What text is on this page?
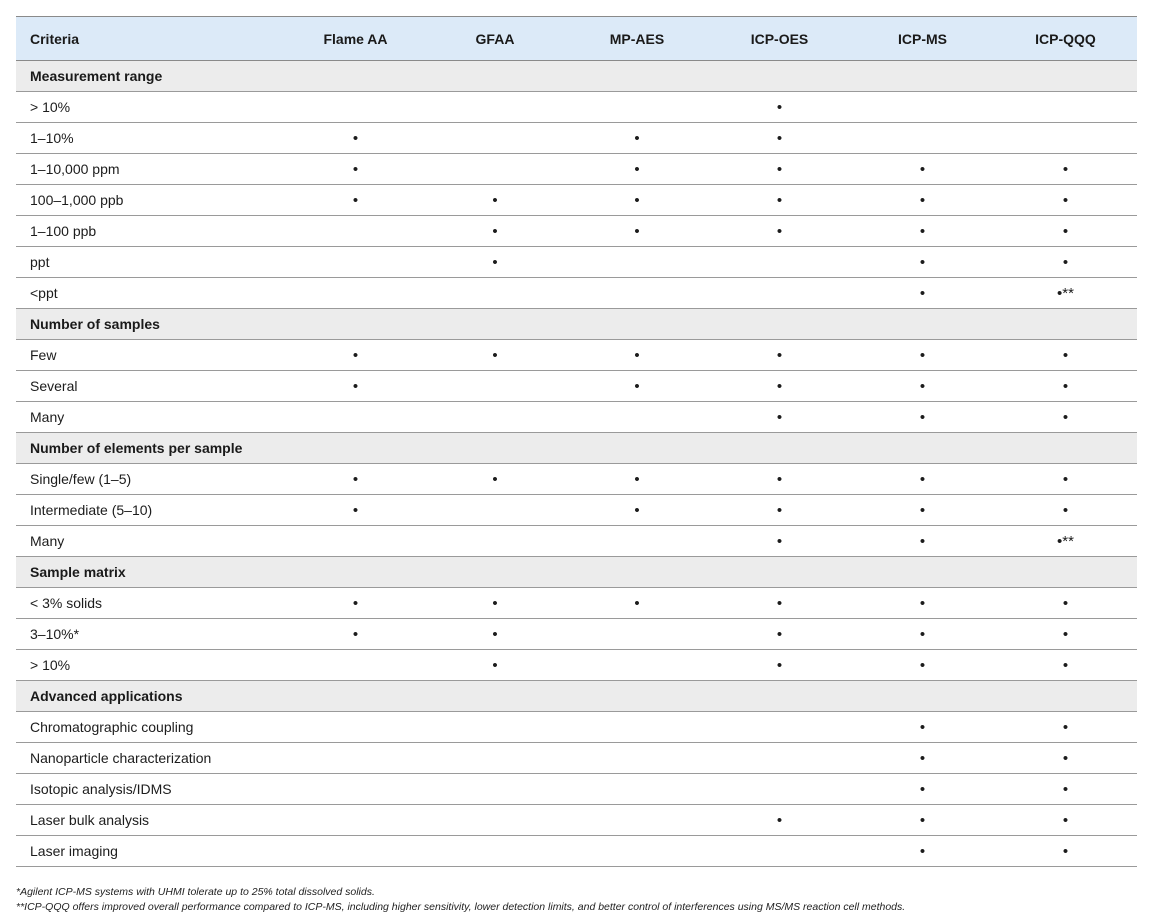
Criteria	Flame AA	GFAA	MP-AES	ICP-OES	ICP-MS	ICP-QQQ
Measurement range						
> 10%				•		
1–10%	•		•	•		
1–10,000 ppm	•		•	•	•	•
100–1,000 ppb	•	•	•	•	•	•
1–100 ppb		•	•	•	•	•
ppt		•			•	•
<ppt					•	•**
Number of samples						
Few	•	•	•	•	•	•
Several	•		•	•	•	•
Many				•	•	•
Number of elements per sample						
Single/few (1–5)	•	•	•	•	•	•
Intermediate (5–10)	•		•	•	•	•
Many				•	•	•**
Sample matrix						
< 3% solids	•	•	•	•	•	•
3–10%*	•	•		•	•	•
> 10%		•		•	•	•
Advanced applications						
Chromatographic coupling					•	•
Nanoparticle characterization					•	•
Isotopic analysis/IDMS					•	•
Laser bulk analysis				•	•	•
Laser imaging					•	•
*Agilent ICP-MS systems with UHMI tolerate up to 25% total dissolved solids.
**ICP-QQQ offers improved overall performance compared to ICP-MS, including higher sensitivity, lower detection limits, and better control of interferences using MS/MS reaction cell methods.
